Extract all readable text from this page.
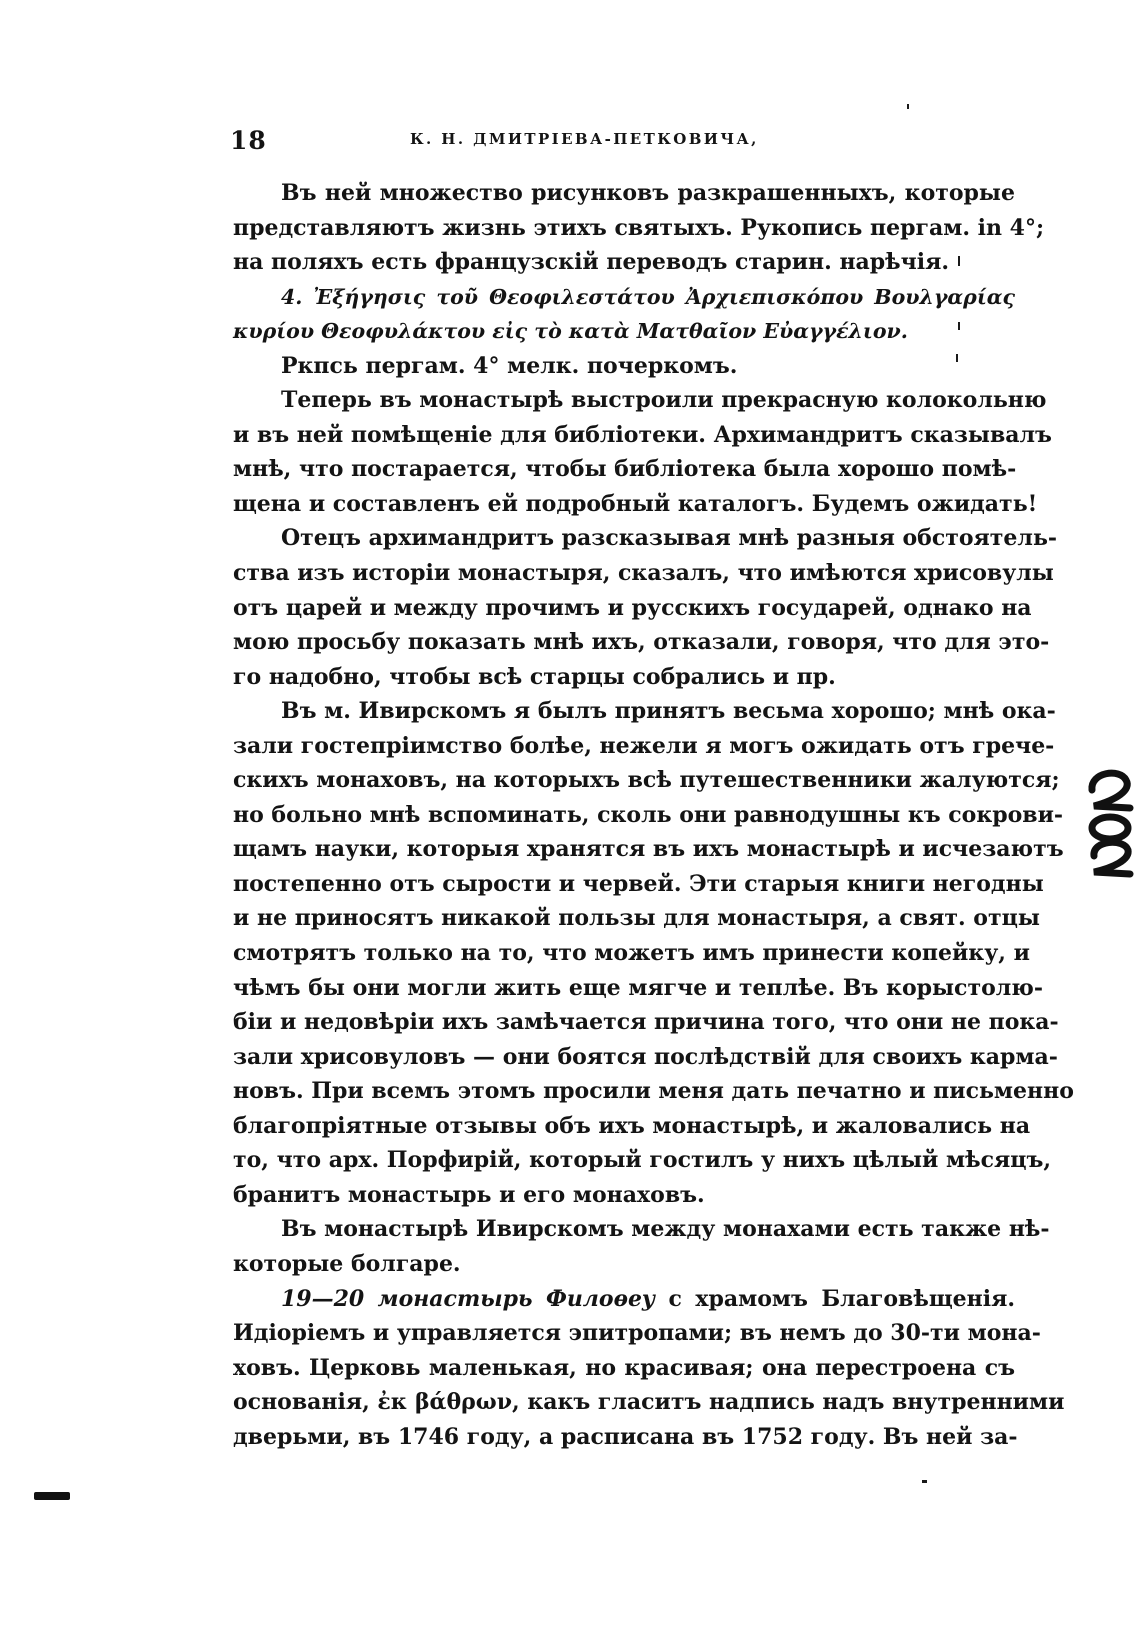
18	К. Н. ДМИТРІЕВА-ПЕТКОВИЧА,
Въ ней множество рисунковъ разкрашенныхъ, которые
представляютъ жизнь этихъ святыхъ. Рукопись пергам. in 4°;
на поляхъ есть французскій переводъ старин. нарѣчія.
4. Ἐξήγησις τοῦ Θεοφιλεστάτου Ἀρχιεπισκόπου Βουλγαρίας
κυρίου Θεοφυλάκτου εἰς τὸ κατὰ Ματθαῖον Εὐαγγέλιον.
Ркпсь пергам. 4° мелк. почеркомъ.
Теперь въ монастырѣ выстроили прекрасную колокольню
и въ ней помѣщеніе для библіотеки. Архимандритъ сказывалъ
мнѣ, что постарается, чтобы библіотека была хорошо помѣ-
щена и составленъ ей подробный каталогъ. Будемъ ожидать!
Отецъ архимандритъ разсказывая мнѣ разныя обстоятель-
ства изъ исторіи монастыря, сказалъ, что имѣются хрисовулы
отъ царей и между прочимъ и русскихъ государей, однако на
мою просьбу показать мнѣ ихъ, отказали, говоря, что для это-
го надобно, чтобы всѣ старцы собрались и пр.
Въ м. Ивирскомъ я былъ принятъ весьма хорошо; мнѣ ока-
зали гостепріимство болѣе, нежели я могъ ожидать отъ грече-
скихъ монаховъ, на которыхъ всѣ путешественники жалуются;
но больно мнѣ вспоминать, сколь они равнодушны къ сокрови-
щамъ науки, которыя хранятся въ ихъ монастырѣ и исчезаютъ
постепенно отъ сырости и червей. Эти старыя книги негодны
и не приносятъ никакой пользы для монастыря, а свят. отцы
смотрятъ только на то, что можетъ имъ принести копейку, и
чѣмъ бы они могли жить еще мягче и теплѣе. Въ корыстолю-
біи и недовѣріи ихъ замѣчается причина того, что они не пока-
зали хрисовуловъ — они боятся послѣдствій для своихъ карма-
новъ. При всемъ этомъ просили меня дать печатно и письменно
благопріятные отзывы объ ихъ монастырѣ, и жаловались на
то, что арх. Порфирій, который гостилъ у нихъ цѣлый мѣсяцъ,
бранитъ монастырь и его монаховъ.
Въ монастырѣ Ивирскомъ между монахами есть также нѣ-
которые болгаре.
19—20 монастырь Филоѳеу с храмомъ Благовѣщенія.
Идіорiемъ и управляется эпитропами; въ немъ до 30-ти мона-
ховъ. Церковь маленькая, но красивая; она перестроена съ
основанія, ἐκ βάθρων, какъ гласитъ надпись надъ внутренними
дверьми, въ 1746 году, а расписана въ 1752 году. Въ ней за-
